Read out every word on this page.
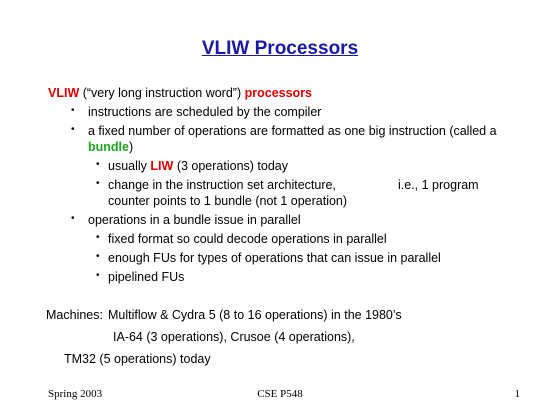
VLIW Processors
VLIW (“very long instruction word”) processors
• instructions are scheduled by the compiler
• a fixed number of operations are formatted as one big instruction (called a
bundle)
• usually LIW (3 operations) today
• change in the instruction set architecture,	i.e., 1 program
counter points to 1 bundle (not 1 operation)
• operations in a bundle issue in parallel
• fixed format so could decode operations in parallel
• enough FUs for types of operations that can issue in parallel
• pipelined FUs
Machines: Multiflow & Cydra 5 (8 to 16 operations) in the 1980’s
IA-64 (3 operations), Crusoe (4 operations),
TM32 (5 operations) today
Spring 2003	CSE P548	1
